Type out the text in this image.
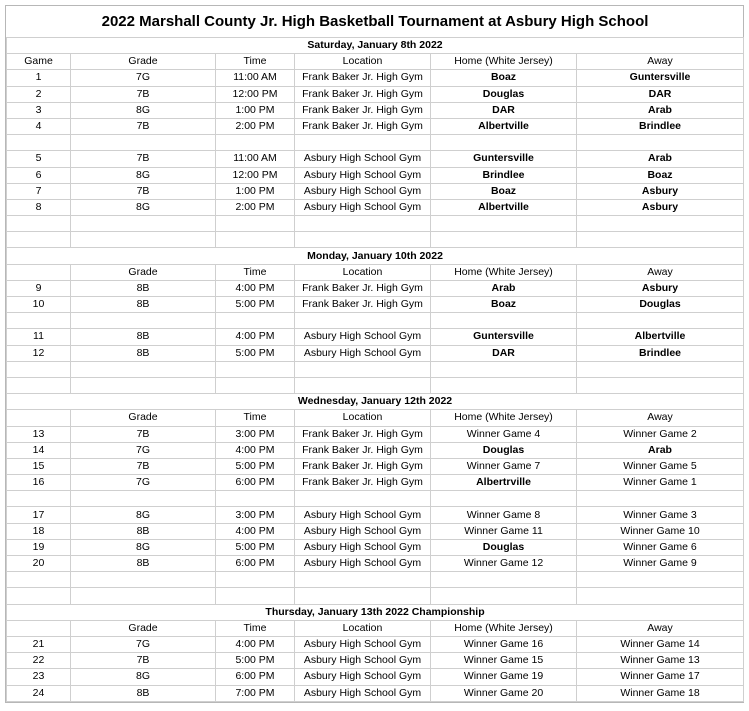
2022 Marshall County Jr. High Basketball Tournament at Asbury High School					
Saturday, January 8th 2022					
Game	Grade	Time	Location	Home (White Jersey)	Away
1	7G	11:00 AM	Frank Baker Jr. High Gym	Boaz	Guntersville
2	7B	12:00 PM	Frank Baker Jr. High Gym	Douglas	DAR
3	8G	1:00 PM	Frank Baker Jr. High Gym	DAR	Arab
4	7B	2:00 PM	Frank Baker Jr. High Gym	Albertville	Brindlee

5	7B	11:00 AM	Asbury High School Gym	Guntersville	Arab
6	8G	12:00 PM	Asbury High School Gym	Brindlee	Boaz
7	7B	1:00 PM	Asbury High School Gym	Boaz	Asbury
8	8G	2:00 PM	Asbury High School Gym	Albertville	Asbury

Monday, January 10th 2022					
	Grade	Time	Location	Home (White Jersey)	Away
9	8B	4:00 PM	Frank Baker Jr. High Gym	Arab	Asbury
10	8B	5:00 PM	Frank Baker Jr. High Gym	Boaz	Douglas

11	8B	4:00 PM	Asbury High School Gym	Guntersville	Albertville
12	8B	5:00 PM	Asbury High School Gym	DAR	Brindlee

Wednesday, January 12th 2022					
	Grade	Time	Location	Home (White Jersey)	Away
13	7B	3:00 PM	Frank Baker Jr. High Gym	Winner Game 4	Winner Game 2
14	7G	4:00 PM	Frank Baker Jr. High Gym	Douglas	Arab
15	7B	5:00 PM	Frank Baker Jr. High Gym	Winner Game 7	Winner Game 5
16	7G	6:00 PM	Frank Baker Jr. High Gym	Albertrville	Winner Game 1

17	8G	3:00 PM	Asbury High School Gym	Winner Game 8	Winner Game 3
18	8B	4:00 PM	Asbury High School Gym	Winner Game 11	Winner Game 10
19	8G	5:00 PM	Asbury High School Gym	Douglas	Winner Game 6
20	8B	6:00 PM	Asbury High School Gym	Winner Game 12	Winner Game 9

Thursday, January 13th 2022 Championship					
	Grade	Time	Location	Home (White Jersey)	Away
21	7G	4:00 PM	Asbury High School Gym	Winner Game 16	Winner Game 14
22	7B	5:00 PM	Asbury High School Gym	Winner Game 15	Winner Game 13
23	8G	6:00 PM	Asbury High School Gym	Winner Game 19	Winner Game 17
24	8B	7:00 PM	Asbury High School Gym	Winner Game 20	Winner Game 18
